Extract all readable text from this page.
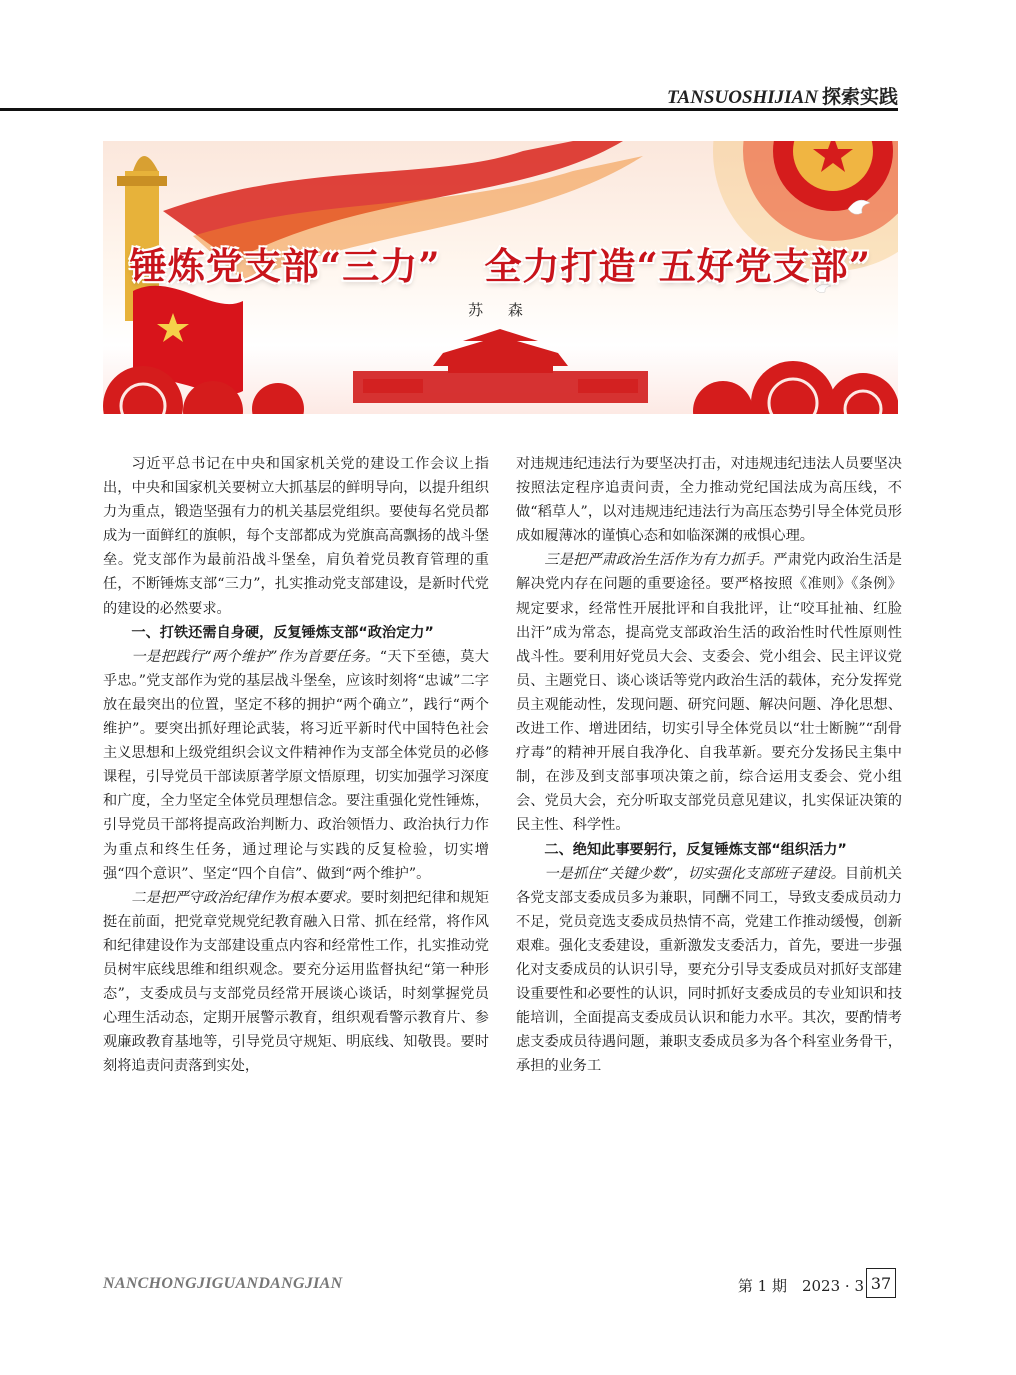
TANSUOSHIJIAN 探索实践
锤炼党支部“三力” 全力打造“五好党支部”
苏 森

习近平总书记在中央和国家机关党的建设工作会议上指出，中央和国家机关要树立大抓基层的鲜明导向，以提升组织力为重点，锻造坚强有力的机关基层党组织。要使每名党员都成为一面鲜红的旗帜，每个支部都成为党旗高高飘扬的战斗堡垒。党支部作为最前沿战斗堡垒，肩负着党员教育管理的重任，不断锤炼支部“三力”，扎实推动党支部建设，是新时代党的建设的必然要求。

一、打铁还需自身硬，反复锤炼支部“政治定力”

一是把践行“两个维护”作为首要任务。“天下至德，莫大乎忠。”党支部作为党的基层战斗堡垒，应该时刻将“忠诚”二字放在最突出的位置，坚定不移的拥护“两个确立”，践行“两个维护”。要突出抓好理论武装，将习近平新时代中国特色社会主义思想和上级党组织会议文件精神作为支部全体党员的必修课程，引导党员干部读原著学原文悟原理，切实加强学习深度和广度，全力坚定全体党员理想信念。要注重强化党性锤炼，引导党员干部将提高政治判断力、政治领悟力、政治执行力作为重点和终生任务，通过理论与实践的反复检验，切实增强“四个意识”、坚定“四个自信”、做到“两个维护”。

二是把严守政治纪律作为根本要求。要时刻把纪律和规矩挺在前面，把党章党规党纪教育融入日常、抓在经常，将作风和纪律建设作为支部建设重点内容和经常性工作，扎实推动党员树牢底线思维和组织观念。要充分运用监督执纪“第一种形态”，支委成员与支部党员经常开展谈心谈话，时刻掌握党员心理生活动态，定期开展警示教育，组织观看警示教育片、参观廉政教育基地等，引导党员守规矩、明底线、知敬畏。要时刻将追责问责落到实处，

对违规违纪违法行为要坚决打击，对违规违纪违法人员要坚决按照法定程序追责问责，全力推动党纪国法成为高压线，不做“稻草人”，以对违规违纪违法行为高压态势引导全体党员形成如履薄冰的谨慎心态和如临深渊的戒惧心理。

三是把严肃政治生活作为有力抓手。严肃党内政治生活是解决党内存在问题的重要途径。要严格按照《准则》《条例》规定要求，经常性开展批评和自我批评，让“咬耳扯袖、红脸出汗”成为常态，提高党支部政治生活的政治性时代性原则性战斗性。要利用好党员大会、支委会、党小组会、民主评议党员、主题党日、谈心谈话等党内政治生活的载体，充分发挥党员主观能动性，发现问题、研究问题、解决问题、净化思想、改进工作、增进团结，切实引导全体党员以“壮士断腕”“刮骨疗毒”的精神开展自我净化、自我革新。要充分发扬民主集中制，在涉及到支部事项决策之前，综合运用支委会、党小组会、党员大会，充分听取支部党员意见建议，扎实保证决策的民主性、科学性。

二、绝知此事要躬行，反复锤炼支部“组织活力”

一是抓住“关键少数”，切实强化支部班子建设。目前机关各党支部支委成员多为兼职，同酬不同工，导致支委成员动力不足，党员竞选支委成员热情不高，党建工作推动缓慢，创新艰难。强化支委建设，重新激发支委活力，首先，要进一步强化对支委成员的认识引导，要充分引导支委成员对抓好支部建设重要性和必要性的认识，同时抓好支委成员的专业知识和技能培训，全面提高支委成员认识和能力水平。其次，要酌情考虑支委成员待遇问题，兼职支委成员多为各个科室业务骨干，承担的业务工

NANCHONGJIGUANDANGJIAN	第 1 期　2023 · 3 37
